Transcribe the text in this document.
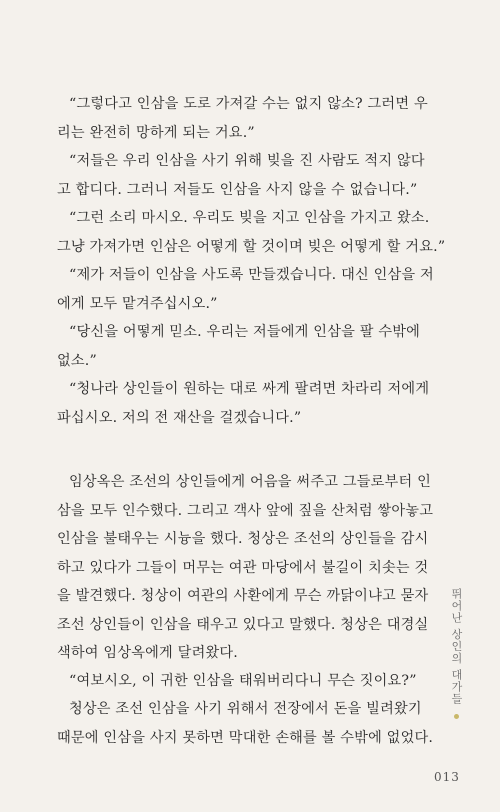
“그렇다고 인삼을 도로 가져갈 수는 없지 않소? 그러면 우
리는 완전히 망하게 되는 거요.”

“저들은 우리 인삼을 사기 위해 빚을 진 사람도 적지 않다
고 합디다. 그러니 저들도 인삼을 사지 않을 수 없습니다.”

“그런 소리 마시오. 우리도 빚을 지고 인삼을 가지고 왔소.
그냥 가져가면 인삼은 어떻게 할 것이며 빚은 어떻게 할 거요.”

“제가 저들이 인삼을 사도록 만들겠습니다. 대신 인삼을 저
에게 모두 맡겨주십시오.”

“당신을 어떻게 믿소. 우리는 저들에게 인삼을 팔 수밖에
없소.”

“청나라 상인들이 원하는 대로 싸게 팔려면 차라리 저에게
파십시오. 저의 전 재산을 걸겠습니다.”

임상옥은 조선의 상인들에게 어음을 써주고 그들로부터 인
삼을 모두 인수했다. 그리고 객사 앞에 짚을 산처럼 쌓아놓고
인삼을 불태우는 시늉을 했다. 청상은 조선의 상인들을 감시
하고 있다가 그들이 머무는 여관 마당에서 불길이 치솟는 것
을 발견했다. 청상이 여관의 사환에게 무슨 까닭이냐고 묻자
조선 상인들이 인삼을 태우고 있다고 말했다. 청상은 대경실
색하여 임상옥에게 달려왔다.

“여보시오, 이 귀한 인삼을 태워버리다니 무슨 짓이요?”

청상은 조선 인삼을 사기 위해서 전장에서 돈을 빌려왔기
때문에 인삼을 사지 못하면 막대한 손해를 볼 수밖에 없었다.

뛰어난 상인의 대가들
013
